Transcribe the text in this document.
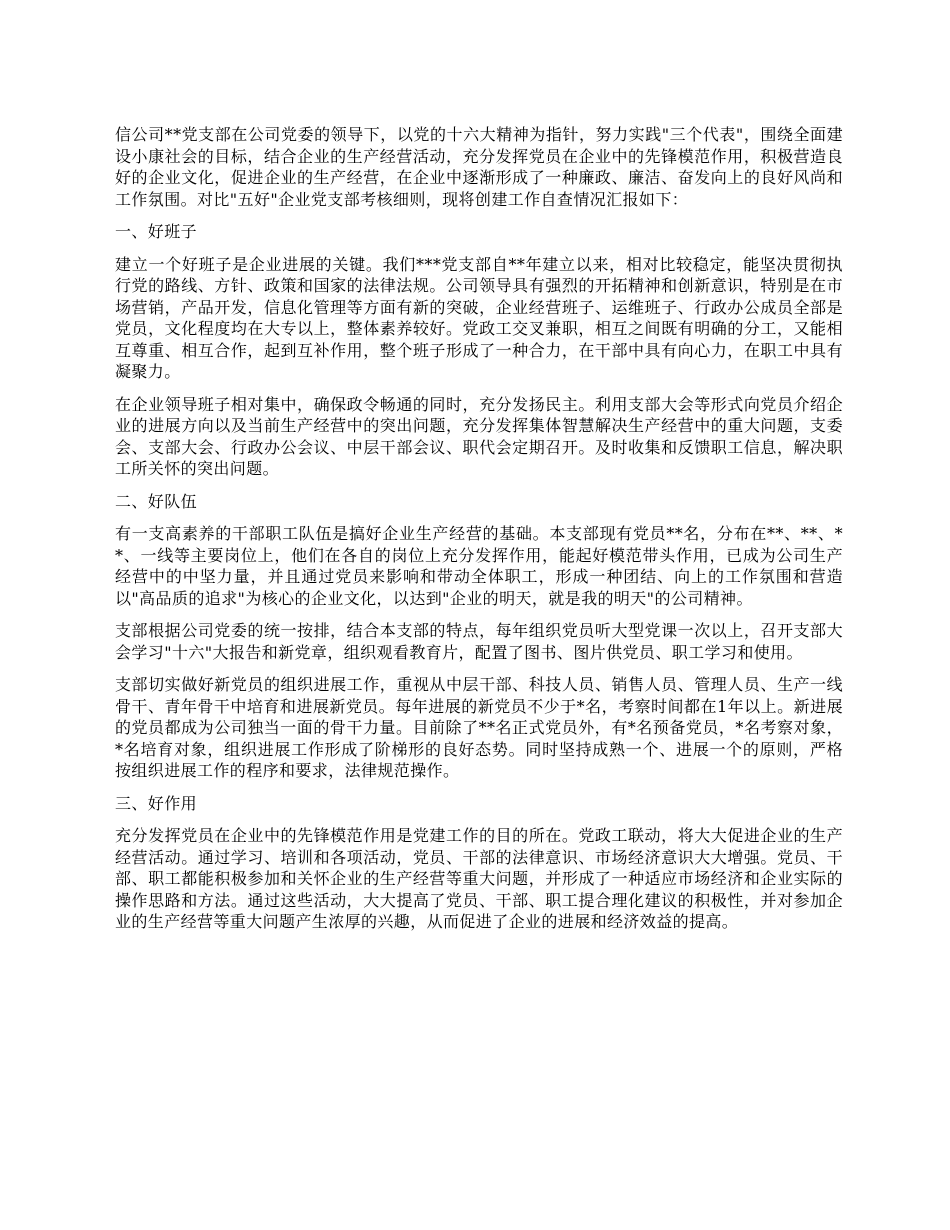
信公司**党支部在公司党委的领导下，以党的十六大精神为指针，努力实践"三个代表"，围绕全面建设小康社会的目标，结合企业的生产经营活动，充分发挥党员在企业中的先锋模范作用，积极营造良好的企业文化，促进企业的生产经营，在企业中逐渐形成了一种廉政、廉洁、奋发向上的良好风尚和工作氛围。对比"五好"企业党支部考核细则，现将创建工作自查情况汇报如下：

一、好班子

建立一个好班子是企业进展的关键。我们***党支部自**年建立以来，相对比较稳定，能坚决贯彻执行党的路线、方针、政策和国家的法律法规。公司领导具有强烈的开拓精神和创新意识，特别是在市场营销，产品开发，信息化管理等方面有新的突破，企业经营班子、运维班子、行政办公成员全部是党员，文化程度均在大专以上，整体素养较好。党政工交叉兼职，相互之间既有明确的分工，又能相互尊重、相互合作，起到互补作用，整个班子形成了一种合力，在干部中具有向心力，在职工中具有凝聚力。

在企业领导班子相对集中，确保政令畅通的同时，充分发扬民主。利用支部大会等形式向党员介绍企业的进展方向以及当前生产经营中的突出问题，充分发挥集体智慧解决生产经营中的重大问题，支委会、支部大会、行政办公会议、中层干部会议、职代会定期召开。及时收集和反馈职工信息，解决职工所关怀的突出问题。

二、好队伍

有一支高素养的干部职工队伍是搞好企业生产经营的基础。本支部现有党员**名，分布在**、**、**、一线等主要岗位上，他们在各自的岗位上充分发挥作用，能起好模范带头作用，已成为公司生产经营中的中坚力量，并且通过党员来影响和带动全体职工，形成一种团结、向上的工作氛围和营造以"高品质的追求"为核心的企业文化，以达到"企业的明天，就是我的明天"的公司精神。

支部根据公司党委的统一按排，结合本支部的特点，每年组织党员听大型党课一次以上，召开支部大会学习"十六"大报告和新党章，组织观看教育片，配置了图书、图片供党员、职工学习和使用。

支部切实做好新党员的组织进展工作，重视从中层干部、科技人员、销售人员、管理人员、生产一线骨干、青年骨干中培育和进展新党员。每年进展的新党员不少于*名，考察时间都在1年以上。新进展的党员都成为公司独当一面的骨干力量。目前除了**名正式党员外，有*名预备党员，*名考察对象，*名培育对象，组织进展工作形成了阶梯形的良好态势。同时坚持成熟一个、进展一个的原则，严格按组织进展工作的程序和要求，法律规范操作。

三、好作用

充分发挥党员在企业中的先锋模范作用是党建工作的目的所在。党政工联动，将大大促进企业的生产经营活动。通过学习、培训和各项活动，党员、干部的法律意识、市场经济意识大大增强。党员、干部、职工都能积极参加和关怀企业的生产经营等重大问题，并形成了一种适应市场经济和企业实际的操作思路和方法。通过这些活动，大大提高了党员、干部、职工提合理化建议的积极性，并对参加企业的生产经营等重大问题产生浓厚的兴趣，从而促进了企业的进展和经济效益的提高。
